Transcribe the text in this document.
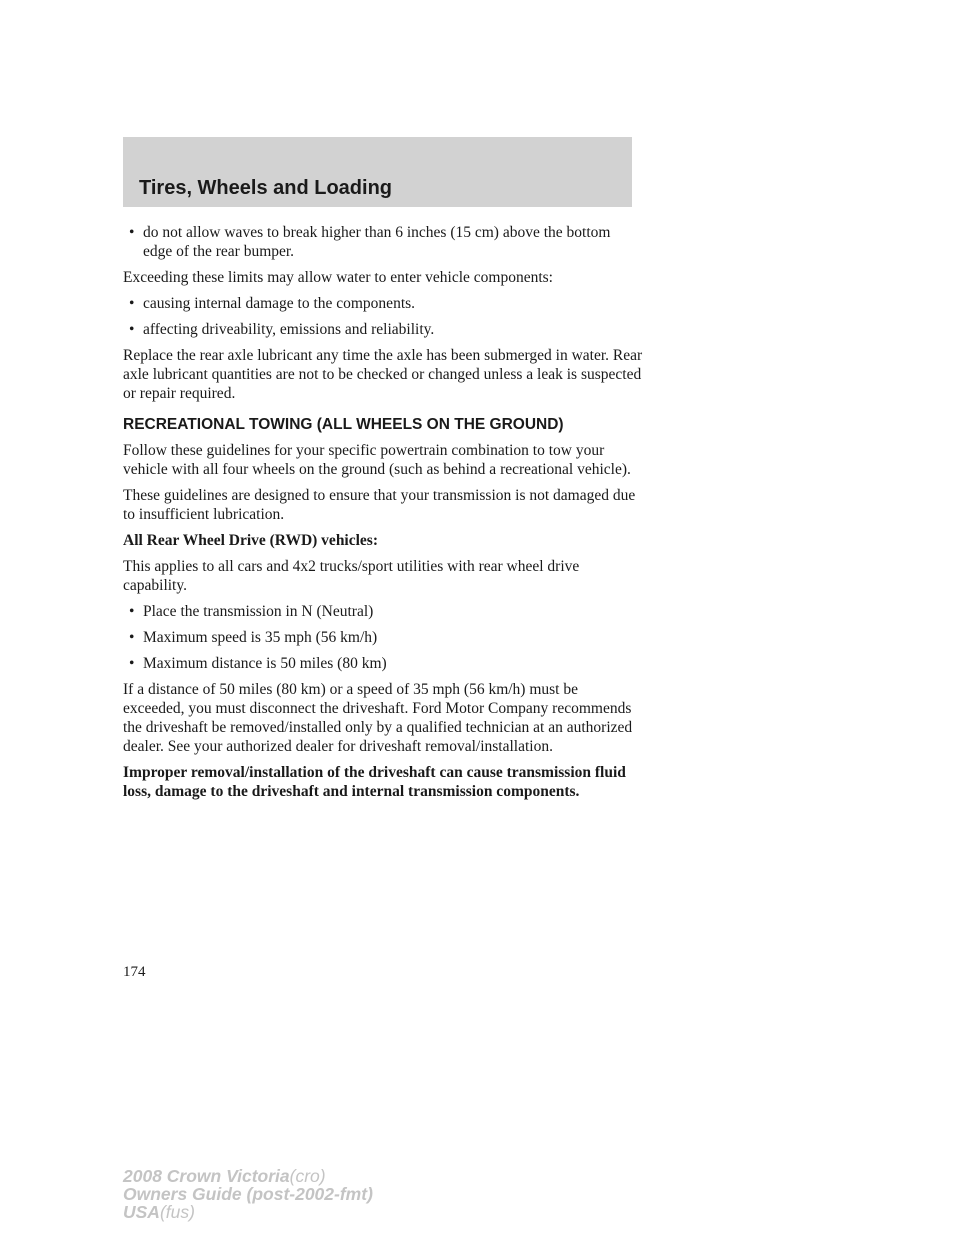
Tires, Wheels and Loading
• do not allow waves to break higher than 6 inches (15 cm) above the bottom edge of the rear bumper.

Exceeding these limits may allow water to enter vehicle components:

• causing internal damage to the components.
• affecting driveability, emissions and reliability.

Replace the rear axle lubricant any time the axle has been submerged in water. Rear axle lubricant quantities are not to be checked or changed unless a leak is suspected or repair required.

RECREATIONAL TOWING (ALL WHEELS ON THE GROUND)

Follow these guidelines for your specific powertrain combination to tow your vehicle with all four wheels on the ground (such as behind a recreational vehicle).

These guidelines are designed to ensure that your transmission is not damaged due to insufficient lubrication.

All Rear Wheel Drive (RWD) vehicles:

This applies to all cars and 4x2 trucks/sport utilities with rear wheel drive capability.

• Place the transmission in N (Neutral)
• Maximum speed is 35 mph (56 km/h)
• Maximum distance is 50 miles (80 km)

If a distance of 50 miles (80 km) or a speed of 35 mph (56 km/h) must be exceeded, you must disconnect the driveshaft. Ford Motor Company recommends the driveshaft be removed/installed only by a qualified technician at an authorized dealer. See your authorized dealer for driveshaft removal/installation.

Improper removal/installation of the driveshaft can cause transmission fluid loss, damage to the driveshaft and internal transmission components.

174
2008 Crown Victoria(cro)
Owners Guide (post-2002-fmt)
USA(fus)
